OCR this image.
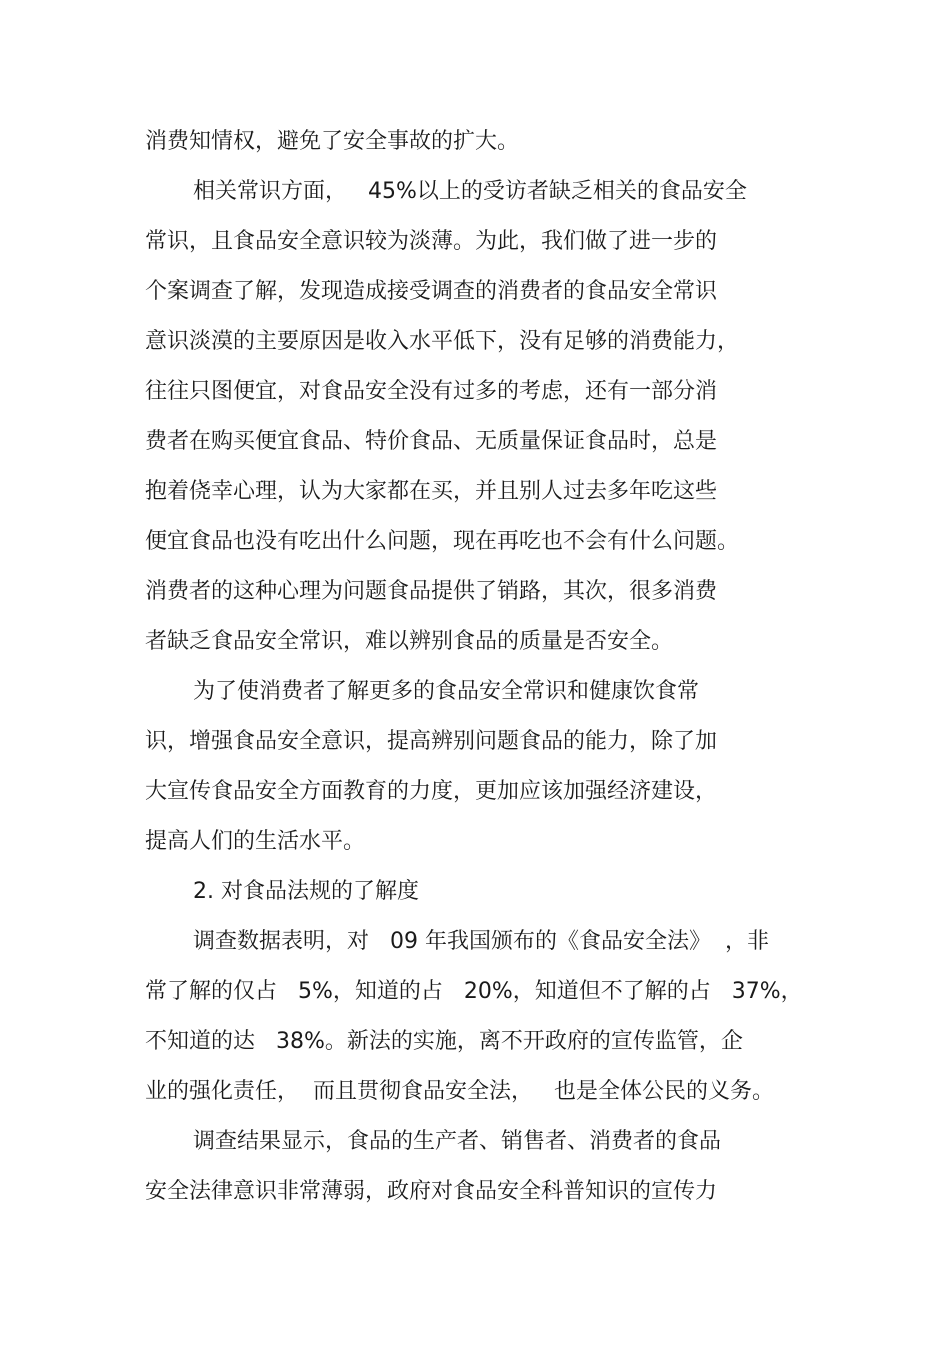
消费知情权，避免了安全事故的扩大。
相关常识方面，   45%以上的受访者缺乏相关的食品安全
常识，且食品安全意识较为淡薄。为此，我们做了进一步的
个案调查了解，发现造成接受调查的消费者的食品安全常识
意识淡漠的主要原因是收入水平低下，没有足够的消费能力，
往往只图便宜，对食品安全没有过多的考虑，还有一部分消
费者在购买便宜食品、特价食品、无质量保证食品时，总是
抱着侥幸心理，认为大家都在买，并且别人过去多年吃这些
便宜食品也没有吃出什么问题，现在再吃也不会有什么问题。
消费者的这种心理为问题食品提供了销路，其次，很多消费
者缺乏食品安全常识，难以辨别食品的质量是否安全。
为了使消费者了解更多的食品安全常识和健康饮食常
识，增强食品安全意识，提高辨别问题食品的能力，除了加
大宣传食品安全方面教育的力度，更加应该加强经济建设，
提高人们的生活水平。
2. 对食品法规的了解度
调查数据表明，对   09 年我国颁布的《食品安全法》  ，非
常了解的仅占   5%，知道的占   20%，知道但不了解的占   37%，
不知道的达   38%。新法的实施，离不开政府的宣传监管，企
业的强化责任，  而且贯彻食品安全法，   也是全体公民的义务。
调查结果显示，食品的生产者、销售者、消费者的食品
安全法律意识非常薄弱，政府对食品安全科普知识的宣传力
